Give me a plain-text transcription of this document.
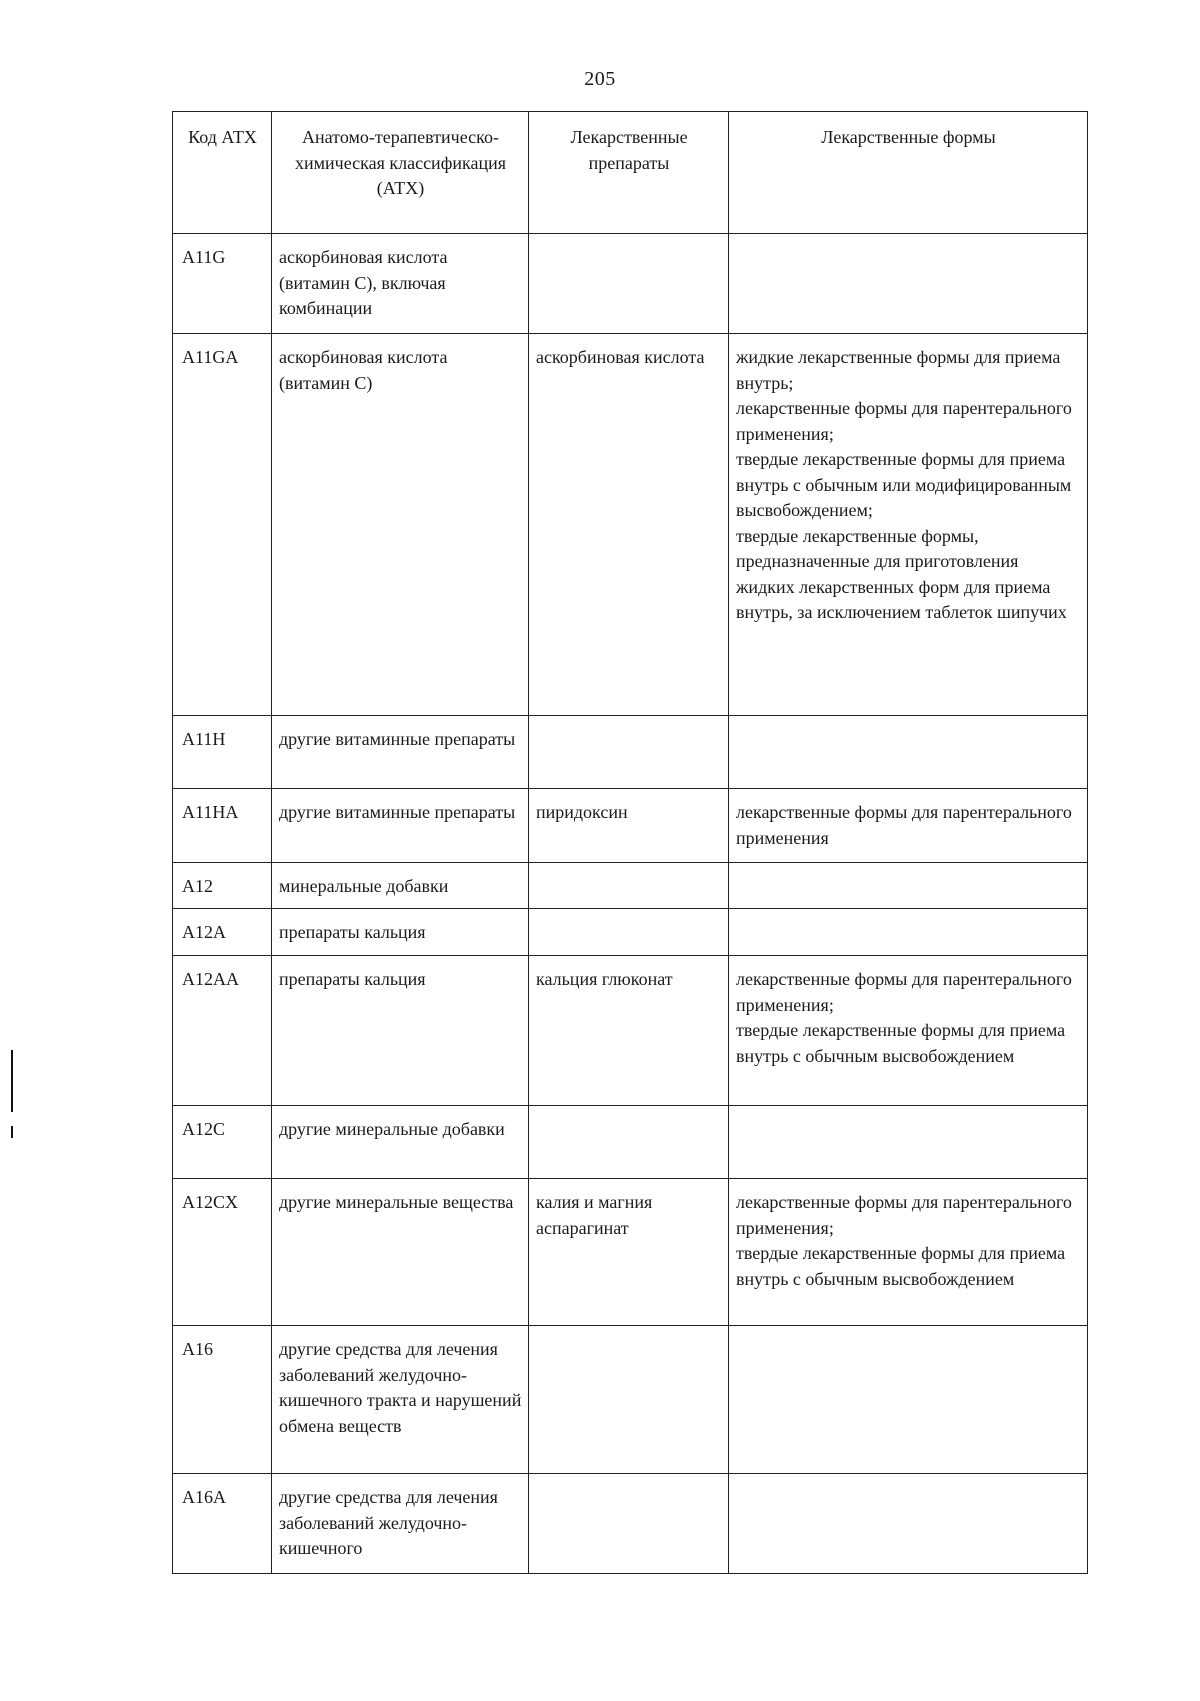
205
Код АТХ	Анатомо-терапевтическо-химическая классификация (АТХ)	Лекарственные препараты	Лекарственные формы
A11G	аскорбиновая кислота (витамин С), включая комбинации		
A11GA	аскорбиновая кислота (витамин С)	аскорбиновая кислота	жидкие лекарственные формы для приема внутрь;
лекарственные формы для парентерального применения;
твердые лекарственные формы для приема внутрь с обычным или модифицированным высвобождением;
твердые лекарственные формы, предназначенные для приготовления жидких лекарственных форм для приема внутрь, за исключением таблеток шипучих
A11H	другие витаминные препараты		
A11HA	другие витаминные препараты	пиридоксин	лекарственные формы для парентерального применения
A12	минеральные добавки		
A12A	препараты кальция		
A12AA	препараты кальция	кальция глюконат	лекарственные формы для парентерального применения;
твердые лекарственные формы для приема внутрь с обычным высвобождением
A12C	другие минеральные добавки		
A12CX	другие минеральные вещества	калия и магния аспарагинат	лекарственные формы для парентерального применения;
твердые лекарственные формы для приема внутрь с обычным высвобождением
A16	другие средства для лечения заболеваний желудочно-кишечного тракта и нарушений обмена веществ		
A16A	другие средства для лечения заболеваний желудочно-кишечного		
